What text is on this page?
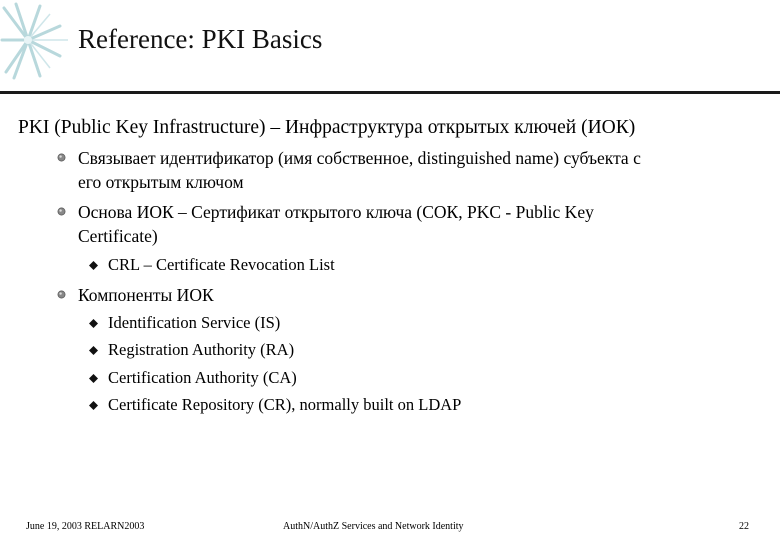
Reference: PKI Basics
PKI (Public Key Infrastructure) – Инфраструктура открытых ключей (ИОК)
Связывает идентификатор (имя собственное, distinguished name) субъекта с
его открытым ключом
Основа ИОК – Сертификат открытого ключа (СОК, PKC - Public Key
Certificate)
CRL – Certificate Revocation List
Компоненты ИОК
Identification Service (IS)
Registration Authority (RA)
Certification Authority (CA)
Certificate Repository (CR), normally built on LDAP
June 19, 2003 RELARN2003	AuthN/AuthZ Services and Network Identity	22
